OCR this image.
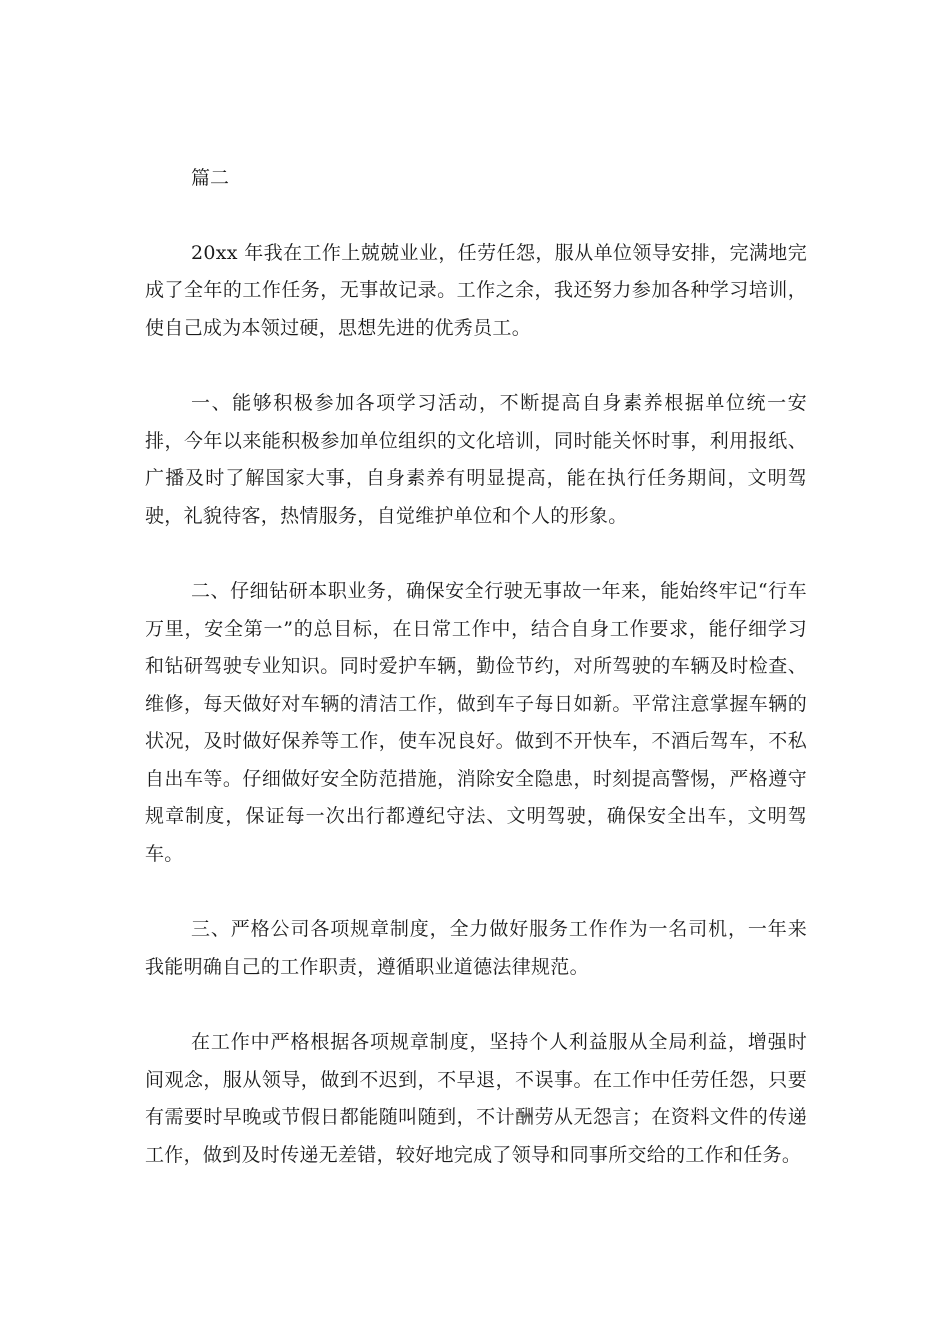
篇二

20xx 年我在工作上兢兢业业，任劳任怨，服从单位领导安排，完满地完成了全年的工作任务，无事故记录。工作之余，我还努力参加各种学习培训，使自己成为本领过硬，思想先进的优秀员工。

一、能够积极参加各项学习活动，不断提高自身素养根据单位统一安排，今年以来能积极参加单位组织的文化培训，同时能关怀时事，利用报纸、广播及时了解国家大事，自身素养有明显提高，能在执行任务期间，文明驾驶，礼貌待客，热情服务，自觉维护单位和个人的形象。

二、仔细钻研本职业务，确保安全行驶无事故一年来，能始终牢记“行车万里，安全第一”的总目标，在日常工作中，结合自身工作要求，能仔细学习和钻研驾驶专业知识。同时爱护车辆，勤俭节约，对所驾驶的车辆及时检查、维修，每天做好对车辆的清洁工作，做到车子每日如新。平常注意掌握车辆的状况，及时做好保养等工作，使车况良好。做到不开快车，不酒后驾车，不私自出车等。仔细做好安全防范措施，消除安全隐患，时刻提高警惕，严格遵守规章制度，保证每一次出行都遵纪守法、文明驾驶，确保安全出车，文明驾车。

三、严格公司各项规章制度，全力做好服务工作作为一名司机，一年来我能明确自己的工作职责，遵循职业道德法律规范。

在工作中严格根据各项规章制度，坚持个人利益服从全局利益，增强时间观念，服从领导，做到不迟到，不早退，不误事。在工作中任劳任怨，只要有需要时早晚或节假日都能随叫随到，不计酬劳从无怨言；在资料文件的传递工作，做到及时传递无差错，较好地完成了领导和同事所交给的工作和任务。
